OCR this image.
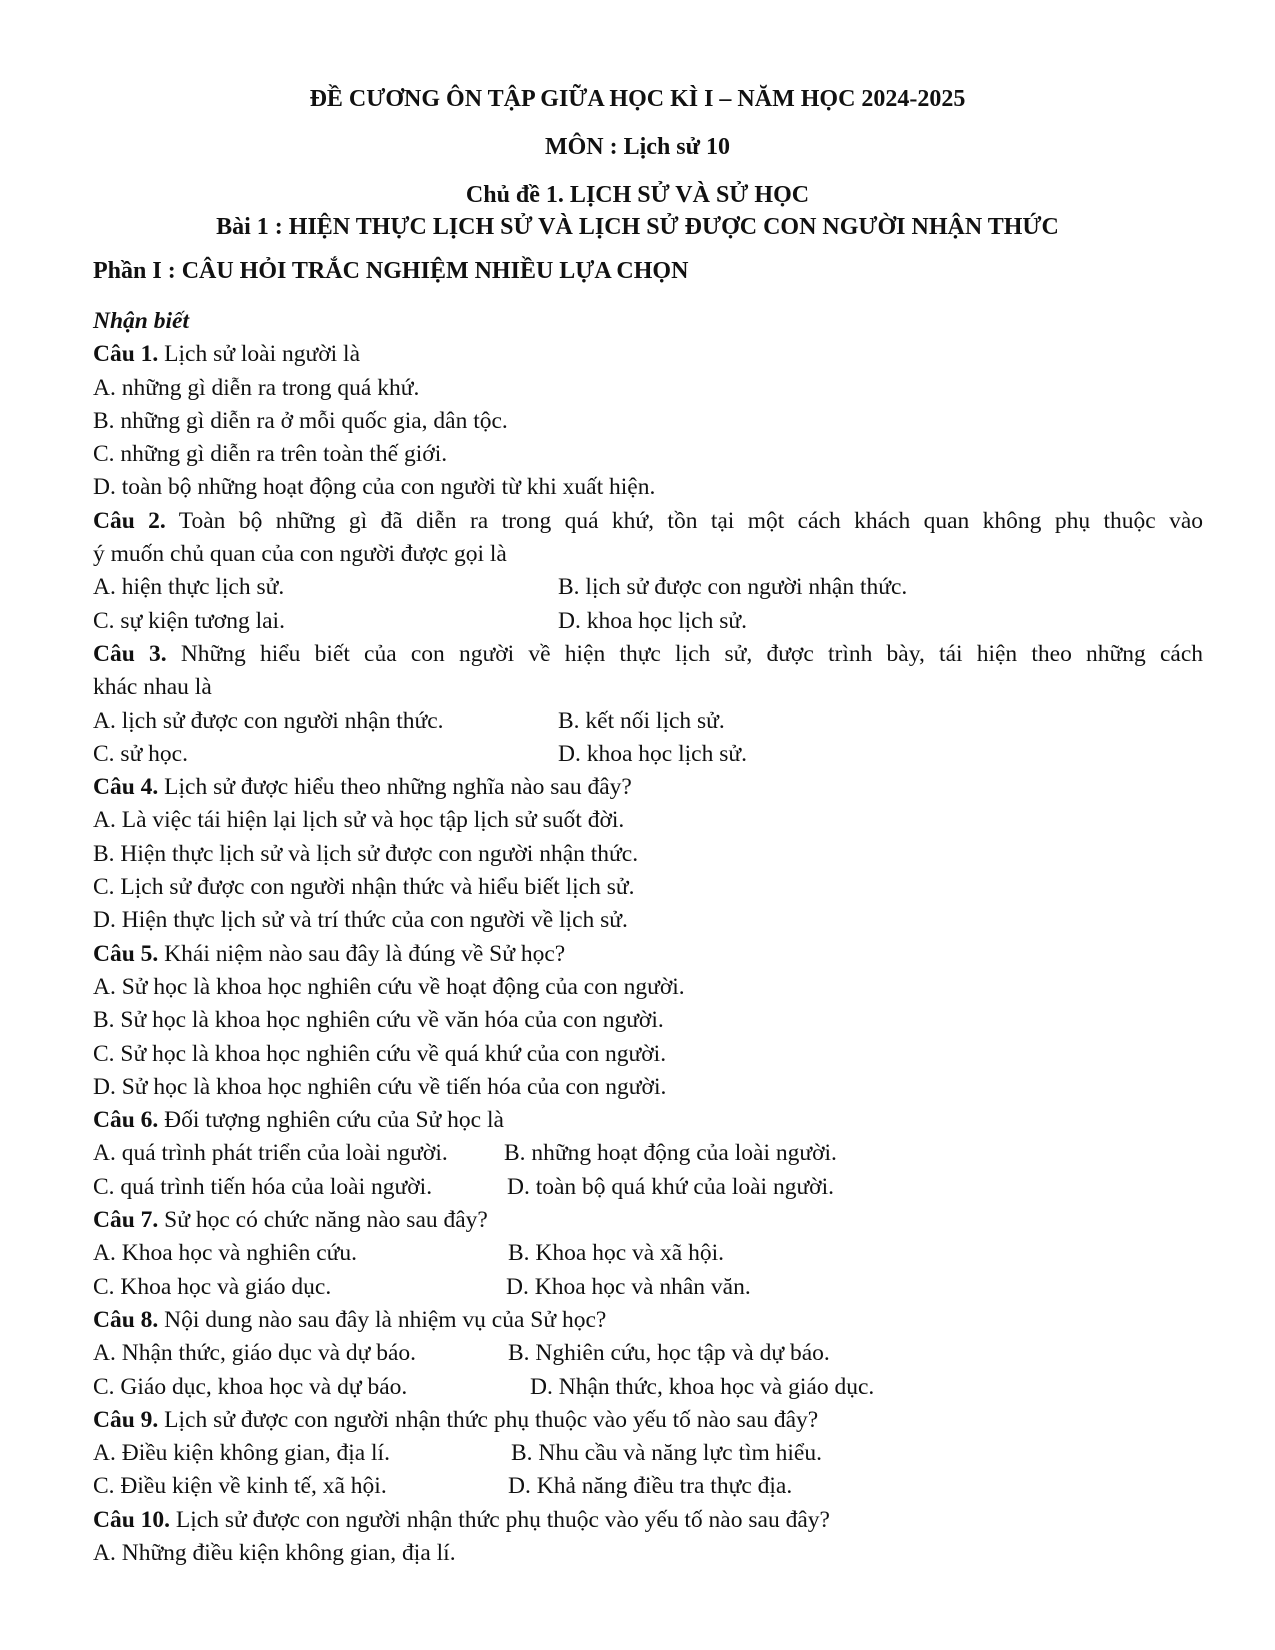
ĐỀ CƯƠNG ÔN TẬP GIỮA HỌC KÌ I – NĂM HỌC 2024-2025
MÔN : Lịch sử 10
Chủ đề 1. LỊCH SỬ VÀ SỬ HỌC
Bài 1 : HIỆN THỰC LỊCH SỬ VÀ LỊCH SỬ ĐƯỢC CON NGƯỜI NHẬN THỨC
Phần I : CÂU HỎI TRẮC NGHIỆM NHIỀU LỰA CHỌN
Nhận biết
Câu 1. Lịch sử loài người là
A. những gì diễn ra trong quá khứ.
B. những gì diễn ra ở mỗi quốc gia, dân tộc.
C. những gì diễn ra trên toàn thế giới.
D. toàn bộ những hoạt động của con người từ khi xuất hiện.
Câu 2. Toàn bộ những gì đã diễn ra trong quá khứ, tồn tại một cách khách quan không phụ thuộc vào
ý muốn chủ quan của con người được gọi là
A. hiện thực lịch sử.	B. lịch sử được con người nhận thức.
C. sự kiện tương lai.	D. khoa học lịch sử.
Câu 3. Những hiểu biết của con người về hiện thực lịch sử, được trình bày, tái hiện theo những cách
khác nhau là
A. lịch sử được con người nhận thức.	B. kết nối lịch sử.
C. sử học.	D. khoa học lịch sử.
Câu 4. Lịch sử được hiểu theo những nghĩa nào sau đây?
A. Là việc tái hiện lại lịch sử và học tập lịch sử suốt đời.
B. Hiện thực lịch sử và lịch sử được con người nhận thức.
C. Lịch sử được con người nhận thức và hiểu biết lịch sử.
D. Hiện thực lịch sử và trí thức của con người về lịch sử.
Câu 5. Khái niệm nào sau đây là đúng về Sử học?
A. Sử học là khoa học nghiên cứu về hoạt động của con người.
B. Sử học là khoa học nghiên cứu về văn hóa của con người.
C. Sử học là khoa học nghiên cứu về quá khứ của con người.
D. Sử học là khoa học nghiên cứu về tiến hóa của con người.
Câu 6. Đối tượng nghiên cứu của Sử học là
A. quá trình phát triển của loài người. B. những hoạt động của loài người.
C. quá trình tiến hóa của loài người.	D. toàn bộ quá khứ của loài người.
Câu 7. Sử học có chức năng nào sau đây?
A. Khoa học và nghiên cứu.	B. Khoa học và xã hội.
C. Khoa học và giáo dục.	D. Khoa học và nhân văn.
Câu 8. Nội dung nào sau đây là nhiệm vụ của Sử học?
A. Nhận thức, giáo dục và dự báo.	B. Nghiên cứu, học tập và dự báo.
C. Giáo dục, khoa học và dự báo.	D. Nhận thức, khoa học và giáo dục.
Câu 9. Lịch sử được con người nhận thức phụ thuộc vào yếu tố nào sau đây?
A. Điều kiện không gian, địa lí.	B. Nhu cầu và năng lực tìm hiểu.
C. Điều kiện về kinh tế, xã hội.	D. Khả năng điều tra thực địa.
Câu 10. Lịch sử được con người nhận thức phụ thuộc vào yếu tố nào sau đây?
A. Những điều kiện không gian, địa lí.
